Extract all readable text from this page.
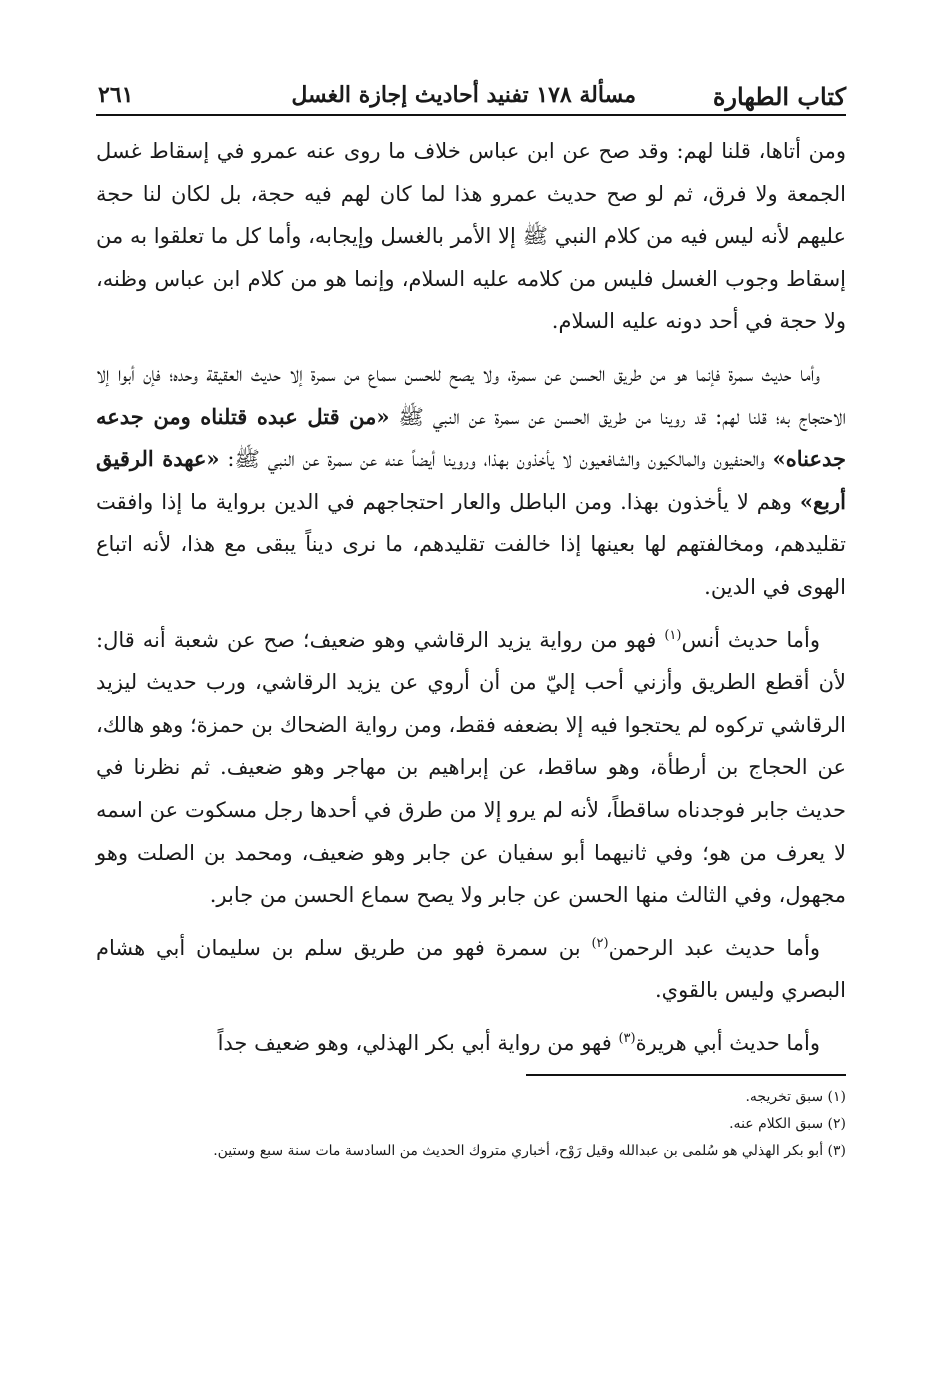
كتاب الطهارة
مسألة ١٧٨ تفنيد أحاديث إجازة الغسل
٢٦١

ومن أتاها، قلنا لهم: وقد صح عن ابن عباس خلاف ما روى عنه عمرو في إسقاط غسل الجمعة ولا فرق، ثم لو صح حديث عمرو هذا لما كان لهم فيه حجة، بل لكان لنا حجة عليهم لأنه ليس فيه من كلام النبي ﷺ إلا الأمر بالغسل وإيجابه، وأما كل ما تعلقوا به من إسقاط وجوب الغسل فليس من كلامه عليه السلام، وإنما هو من كلام ابن عباس وظنه، ولا حجة في أحد دونه عليه السلام.

وأما حديث سمرة فإنما هو من طريق الحسن عن سمرة، ولا يصح للحسن سماع من سمرة إلا حديث العقيقة وحده؛ فإن أبوا إلا الاحتجاج به؛ قلنا لهم: قد روينا من طريق الحسن عن سمرة عن النبي ﷺ «من قتل عبده قتلناه ومن جدعه جدعناه» والحنفيون والمالكيون والشافعيون لا يأخذون بهذا، وروينا أيضاً عنه عن سمرة عن النبي ﷺ: «عهدة الرقيق أربع» وهم لا يأخذون بهذا. ومن الباطل والعار احتجاجهم في الدين برواية ما إذا وافقت تقليدهم، ومخالفتهم لها بعينها إذا خالفت تقليدهم، ما نرى ديناً يبقى مع هذا، لأنه اتباع الهوى في الدين.

وأما حديث أنس$^{(١)}$ فهو من رواية يزيد الرقاشي وهو ضعيف؛ صح عن شعبة أنه قال: لأن أقطع الطريق وأزني أحب إليّ من أن أروي عن يزيد الرقاشي، ورب حديث ليزيد الرقاشي تركوه لم يحتجوا فيه إلا بضعفه فقط، ومن رواية الضحاك بن حمزة؛ وهو هالك، عن الحجاج بن أرطأة، وهو ساقط، عن إبراهيم بن مهاجر وهو ضعيف. ثم نظرنا في حديث جابر فوجدناه ساقطاً، لأنه لم يرو إلا من طرق في أحدها رجل مسكوت عن اسمه لا يعرف من هو؛ وفي ثانيهما أبو سفيان عن جابر وهو ضعيف، ومحمد بن الصلت وهو مجهول، وفي الثالث منها الحسن عن جابر ولا يصح سماع الحسن من جابر.

وأما حديث عبد الرحمن$^{(٢)}$ بن سمرة فهو من طريق سلم بن سليمان أبي هشام البصري وليس بالقوي.

وأما حديث أبي هريرة$^{(٣)}$ فهو من رواية أبي بكر الهذلي، وهو ضعيف جداً

(١) سبق تخريجه.
(٢) سبق الكلام عنه.
(٣) أبو بكر الهذلي هو سُلمى بن عبدالله وقيل رَوْح، أخباري متروك الحديث من السادسة مات سنة سبع وستين.
